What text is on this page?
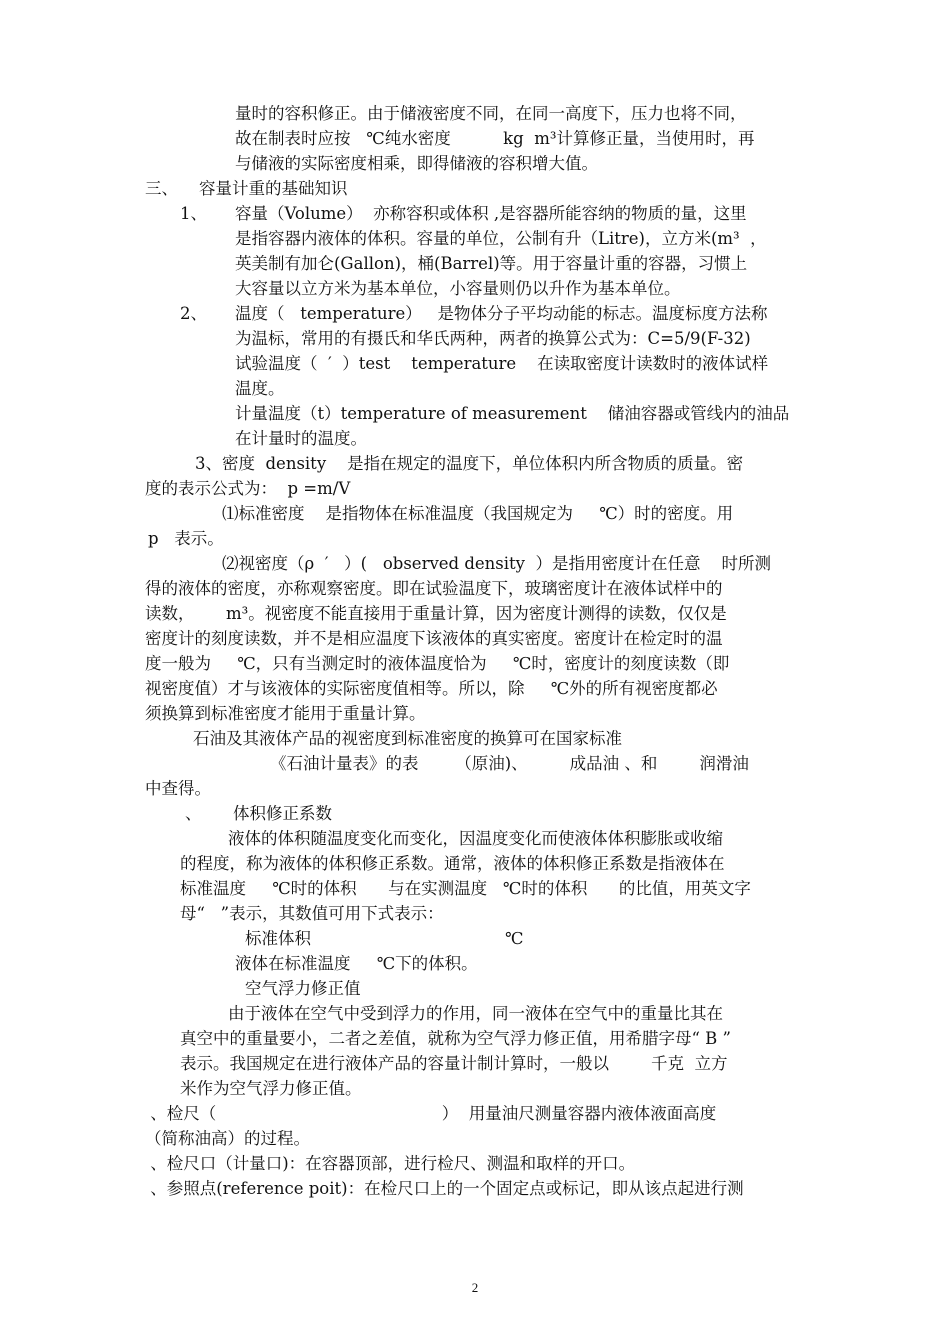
量时的容积修正。由于储液密度不同，在同一高度下，压力也将不同，
故在制表时应按   ℃纯水密度          kg  m³计算修正量，当使用时，再
与储液的实际密度相乘，即得储液的容积增大值。
三、    容量计重的基础知识
1、 容量（Volume）  亦称容积或体积 ,是容器所能容纳的物质的量，这里
是指容器内液体的体积。容量的单位，公制有升（Litre)，立方米(m³  ，
英美制有加仑(Gallon)，桶(Barrel)等。用于容量计重的容器，习惯上
大容量以立方米为基本单位，小容量则仍以升作为基本单位。
2、 温度（   temperature）   是物体分子平均动能的标志。温度标度方法称
为温标，常用的有摄氏和华氏两种，两者的换算公式为：C=5/9(F-32)
试验温度（  ′  ）test    temperature    在读取密度计读数时的液体试样
温度。
计量温度（t）temperature of measurement    储油容器或管线内的油品
在计量时的温度。
3、密度  density    是指在规定的温度下，单位体积内所含物质的质量。密
度的表示公式为：  p =m/V
⑴标准密度    是指物体在标准温度（我国规定为     ℃）时的密度。用
p   表示。
⑵视密度（ρ  ′   ）(   observed density  ）是指用密度计在任意    时所测
得的液体的密度，亦称观察密度。即在试验温度下，玻璃密度计在液体试样中的
读数，      m³。视密度不能直接用于重量计算，因为密度计测得的读数，仅仅是
密度计的刻度读数，并不是相应温度下该液体的真实密度。密度计在检定时的温
度一般为     ℃，只有当测定时的液体温度恰为     ℃时，密度计的刻度读数（即
视密度值）才与该液体的实际密度值相等。所以，除     ℃外的所有视密度都必
须换算到标准密度才能用于重量计算。
石油及其液体产品的视密度到标准密度的换算可在国家标准
《石油计量表》的表       （原油)、        成品油 、和        润滑油
中查得。
、      体积修正系数
液体的体积随温度变化而变化，因温度变化而使液体体积膨胀或收缩
的程度，称为液体的体积修正系数。通常，液体的体积修正系数是指液体在
标准温度     ℃时的体积      与在实测温度   ℃时的体积      的比值，用英文字
母“   ”表示，其数值可用下式表示：
标准体积                                     ℃
液体在标准温度     ℃下的体积。
空气浮力修正值
由于液体在空气中受到浮力的作用，同一液体在空气中的重量比其在
真空中的重量要小，二者之差值，就称为空气浮力修正值，用希腊字母“ B ”
表示。我国规定在进行液体产品的容量计制计算时，一般以        千克  立方
米作为空气浮力修正值。
、检尺（                                           ）  用量油尺测量容器内液体液面高度
（简称油高）的过程。
、检尺口（计量口)：在容器顶部，进行检尺、测温和取样的开口。
、参照点(reference poit)：在检尺口上的一个固定点或标记，即从该点起进行测
2
